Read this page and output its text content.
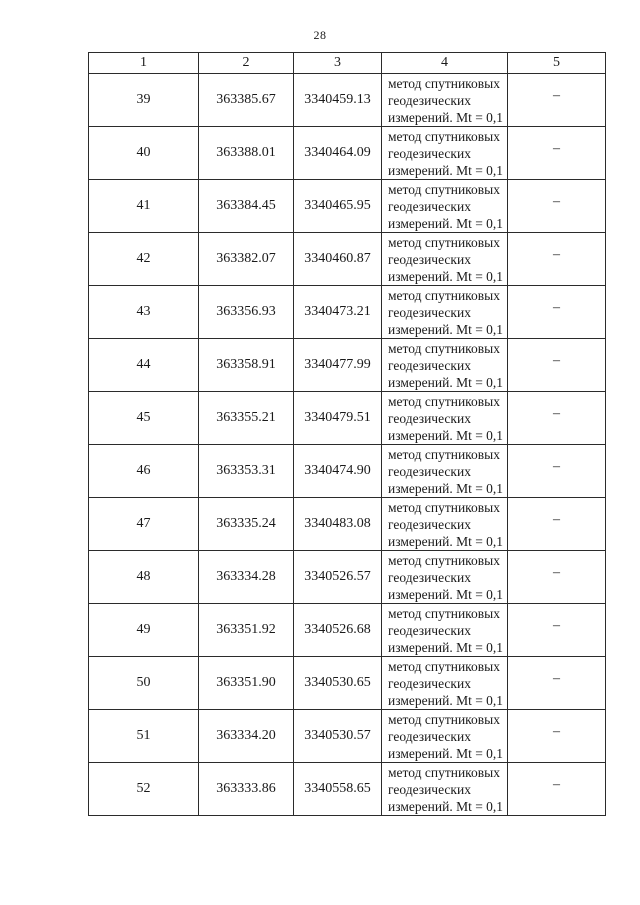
28
1	2	3	4	5
39	363385.67	3340459.13	метод спутниковых
геодезических
измерений. Mt = 0,1	–
40	363388.01	3340464.09	метод спутниковых
геодезических
измерений. Mt = 0,1	–
41	363384.45	3340465.95	метод спутниковых
геодезических
измерений. Mt = 0,1	–
42	363382.07	3340460.87	метод спутниковых
геодезических
измерений. Mt = 0,1	–
43	363356.93	3340473.21	метод спутниковых
геодезических
измерений. Mt = 0,1	–
44	363358.91	3340477.99	метод спутниковых
геодезических
измерений. Mt = 0,1	–
45	363355.21	3340479.51	метод спутниковых
геодезических
измерений. Mt = 0,1	–
46	363353.31	3340474.90	метод спутниковых
геодезических
измерений. Mt = 0,1	–
47	363335.24	3340483.08	метод спутниковых
геодезических
измерений. Mt = 0,1	–
48	363334.28	3340526.57	метод спутниковых
геодезических
измерений. Mt = 0,1	–
49	363351.92	3340526.68	метод спутниковых
геодезических
измерений. Mt = 0,1	–
50	363351.90	3340530.65	метод спутниковых
геодезических
измерений. Mt = 0,1	–
51	363334.20	3340530.57	метод спутниковых
геодезических
измерений. Mt = 0,1	–
52	363333.86	3340558.65	метод спутниковых
геодезических
измерений. Mt = 0,1	–
